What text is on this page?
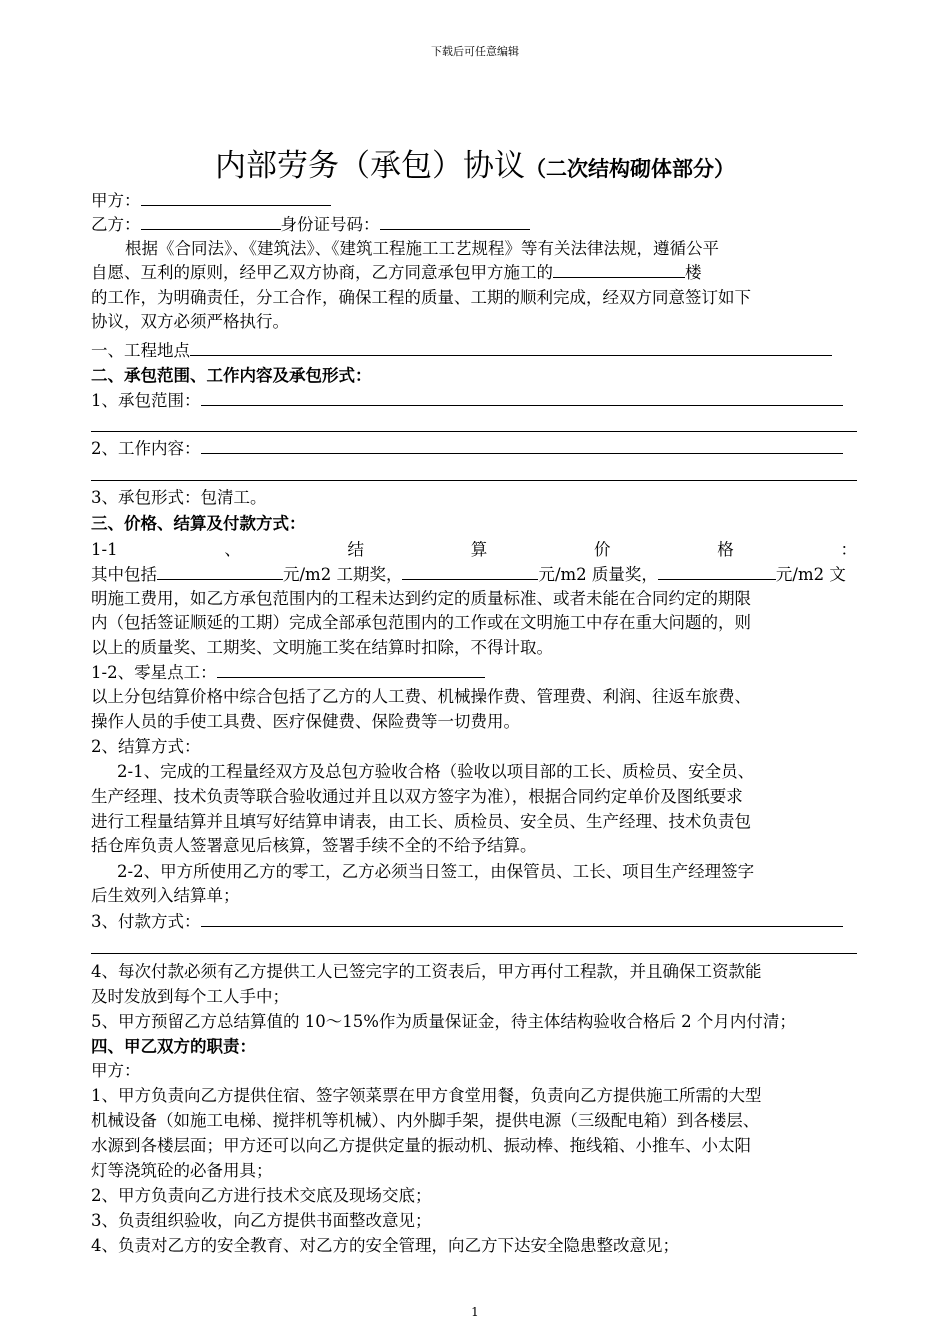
下载后可任意编辑
内部劳务（承包）协议（二次结构砌体部分）
甲方：
乙方：	身份证号码：
根据《合同法》、《建筑法》、《建筑工程施工工艺规程》等有关法律法规，遵循公平
自愿、互利的原则，经甲乙双方协商，乙方同意承包甲方施工的	楼
的工作，为明确责任，分工合作，确保工程的质量、工期的顺利完成，经双方同意签订如下
协议，双方必须严格执行。
一、工程地点
二、承包范围、工作内容及承包形式：
1、承包范围：
2、工作内容：
3、承包形式：包清工。
三、价格、结算及付款方式：
1-1	、	结	算	价	格	：
其中包括	元/m2 工期奖，	元/m2 质量奖，	元/m2 文
明施工费用，如乙方承包范围内的工程未达到约定的质量标准、或者未能在合同约定的期限
内（包括签证顺延的工期）完成全部承包范围内的工作或在文明施工中存在重大问题的，则
以上的质量奖、工期奖、文明施工奖在结算时扣除，不得计取。
1-2、零星点工：
以上分包结算价格中综合包括了乙方的人工费、机械操作费、管理费、利润、往返车旅费、
操作人员的手使工具费、医疗保健费、保险费等一切费用。
2、结算方式：
2-1、完成的工程量经双方及总包方验收合格（验收以项目部的工长、质检员、安全员、
生产经理、技术负责等联合验收通过并且以双方签字为准），根据合同约定单价及图纸要求
进行工程量结算并且填写好结算申请表，由工长、质检员、安全员、生产经理、技术负责包
括仓库负责人签署意见后核算，签署手续不全的不给予结算。
2-2、甲方所使用乙方的零工，乙方必须当日签工，由保管员、工长、项目生产经理签字
后生效列入结算单；
3、付款方式：
4、每次付款必须有乙方提供工人已签完字的工资表后，甲方再付工程款，并且确保工资款能
及时发放到每个工人手中；
5、甲方预留乙方总结算值的 10～15%作为质量保证金，待主体结构验收合格后 2 个月内付清；
四、甲乙双方的职责：
甲方：
1、甲方负责向乙方提供住宿、签字领菜票在甲方食堂用餐，负责向乙方提供施工所需的大型
机械设备（如施工电梯、搅拌机等机械）、内外脚手架，提供电源（三级配电箱）到各楼层、
水源到各楼层面；甲方还可以向乙方提供定量的振动机、振动棒、拖线箱、小推车、小太阳
灯等浇筑砼的必备用具；
2、甲方负责向乙方进行技术交底及现场交底；
3、负责组织验收，向乙方提供书面整改意见；
4、负责对乙方的安全教育、对乙方的安全管理，向乙方下达安全隐患整改意见；
1
